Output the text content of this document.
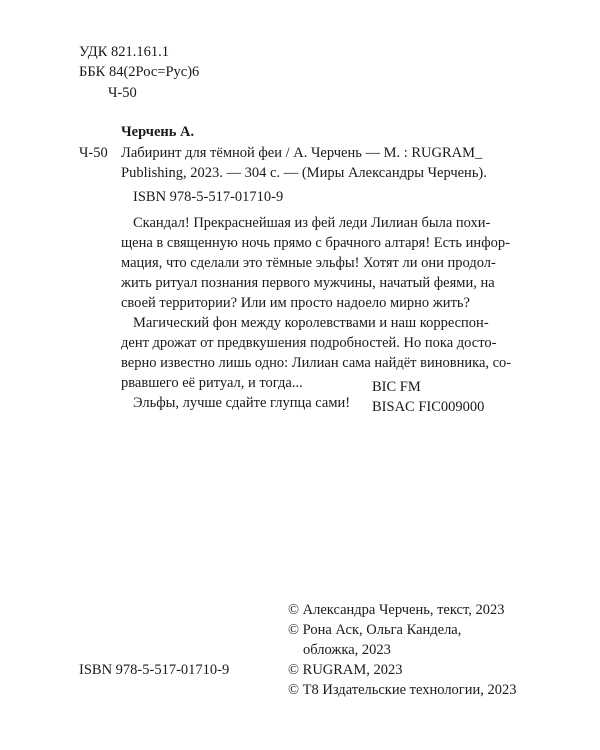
УДК 821.161.1
ББК 84(2Рос=Рус)6
Ч-50
Черчень А.
Ч-50 Лабиринт для тёмной феи / А. Черчень — М. : RUGRAM_
Publishing, 2023. — 304 с. — (Миры Александры Черчень).
ISBN 978-5-517-01710-9
Скандал! Прекраснейшая из фей леди Лилиан была похи-
щена в священную ночь прямо с брачного алтаря! Есть инфор-
мация, что сделали это тёмные эльфы! Хотят ли они продол-
жить ритуал познания первого мужчины, начатый феями, на
своей территории? Или им просто надоело мирно жить?
Магический фон между королевствами и наш корреспон-
дент дрожат от предвкушения подробностей. Но пока досто-
верно известно лишь одно: Лилиан сама найдёт виновника, со-
рвавшего её ритуал, и тогда...
Эльфы, лучше сдайте глупца сами!
BIC FM
BISAC FIC009000
ISBN 978-5-517-01710-9
© Александра Черчень, текст, 2023
© Рона Аск, Ольга Кандела,
обложка, 2023
© RUGRAM, 2023
© Т8 Издательские технологии, 2023
